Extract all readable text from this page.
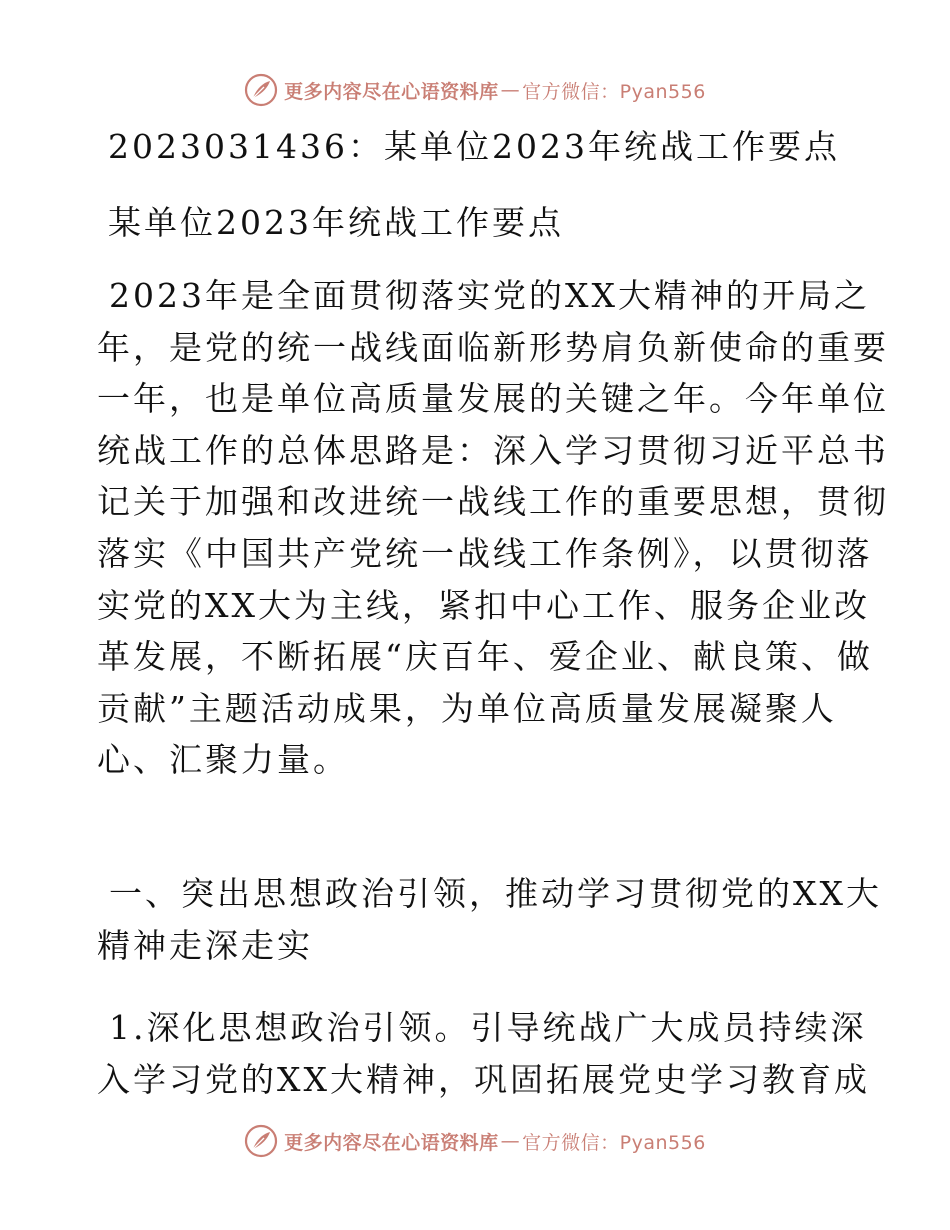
更多内容尽在心语资料库 — 官方微信：Pyan556
2023031436：某单位2023年统战工作要点
某单位2023年统战工作要点
2023年是全面贯彻落实党的XX大精神的开局之
年，是党的统一战线面临新形势肩负新使命的重要
一年，也是单位高质量发展的关键之年。今年单位
统战工作的总体思路是：深入学习贯彻习近平总书
记关于加强和改进统一战线工作的重要思想，贯彻
落实《中国共产党统一战线工作条例》，以贯彻落
实党的XX大为主线，紧扣中心工作、服务企业改
革发展，不断拓展“庆百年、爱企业、献良策、做
贡献”主题活动成果，为单位高质量发展凝聚人
心、汇聚力量。
一、突出思想政治引领，推动学习贯彻党的XX大
精神走深走实
1.深化思想政治引领。引导统战广大成员持续深
入学习党的XX大精神，巩固拓展党史学习教育成
更多内容尽在心语资料库 — 官方微信：Pyan556
